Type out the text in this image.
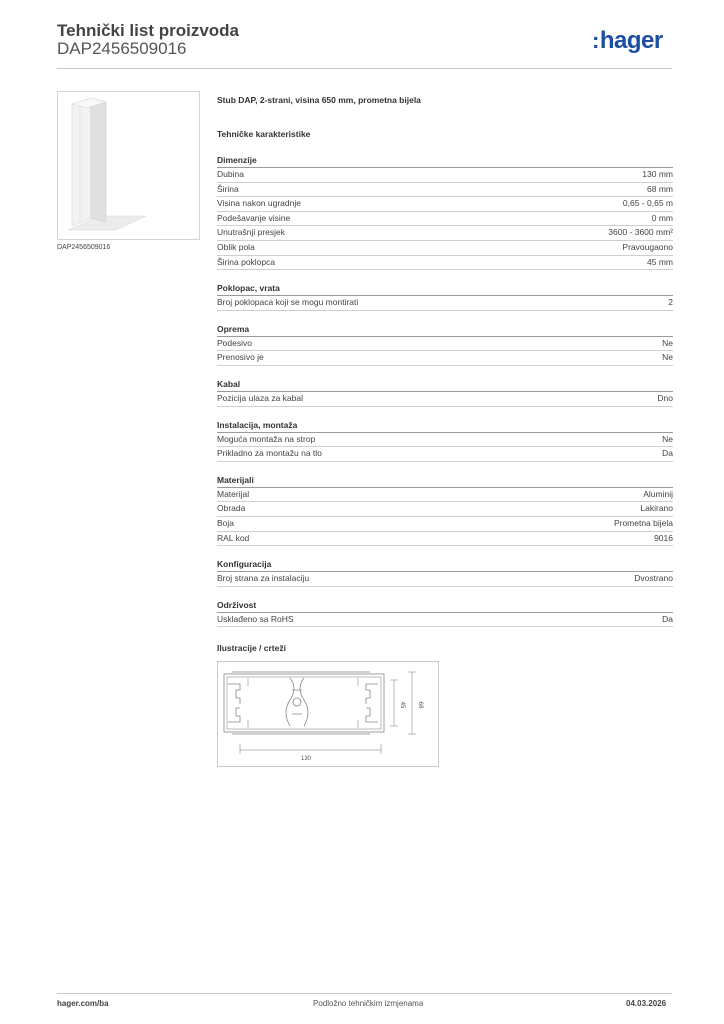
Tehnički list proizvoda
DAP2456509016	:hager
DAP2456509016
Stub DAP, 2-strani, visina 650 mm, prometna bijela
Tehničke karakteristike
Dimenzije
Dubina	130 mm
Širina	68 mm
Visina nakon ugradnje	0,65 - 0,65 m
Podešavanje visine	0 mm
Unutrašnji presjek	3600 - 3600 mm²
Oblik pola	Pravougaono
Širina poklopca	45 mm
Poklopac, vrata
Broj poklopaca koji se mogu montirati	2
Oprema
Podesivo	Ne
Prenosivo je	Ne
Kabal
Pozicija ulaza za kabal	Dno
Instalacija, montaža
Moguća montaža na strop	Ne
Prikladno za montažu na tlo	Da
Materijali
Materijal	Aluminij
Obrada	Lakirano
Boja	Prometna bijela
RAL kod	9016
Konfiguracija
Broj strana za instalaciju	Dvostrano
Održivost
Usklađeno sa RoHS	Da
Ilustracije / crteži
130
45 68
hager.com/ba	Podložno tehničkim izmjenama	04.03.2026
